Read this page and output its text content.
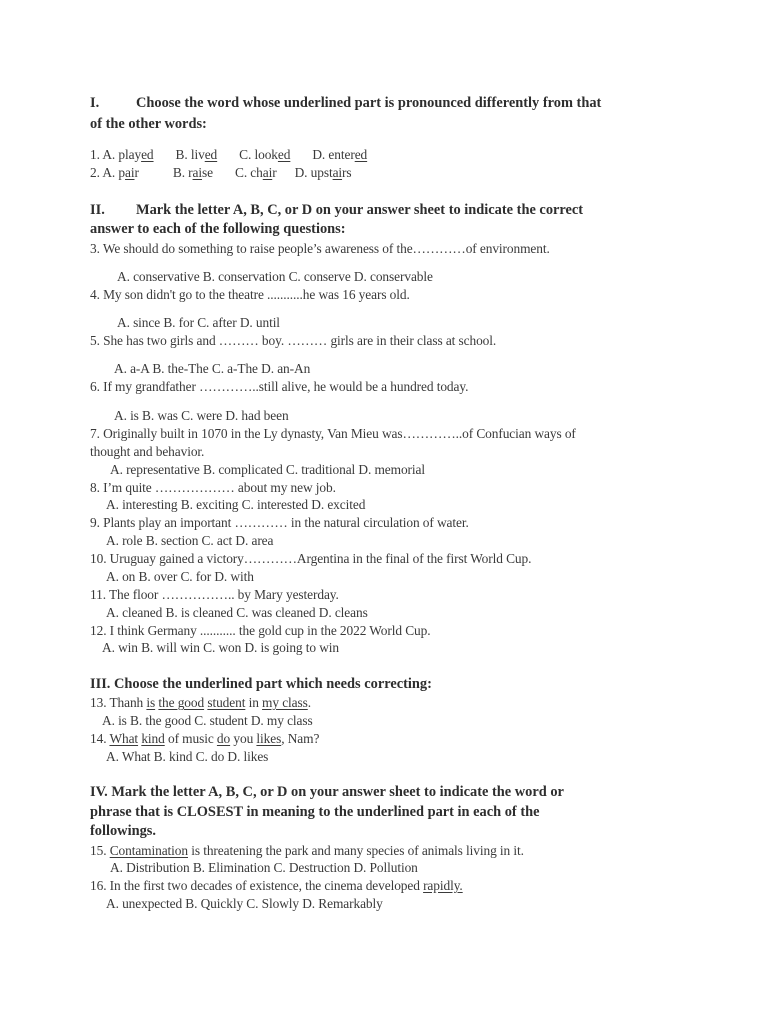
I.	Choose the word whose underlined part is pronounced differently from that
of the other words:
1. A. played B. lived C. looked D. entered
2. A. pair	B. raise C. chair D. upstairs
II. Mark the letter A, B, C, or D on your answer sheet to indicate the correct
answer to each of the following questions:
3. We should do something to raise people’s awareness of the…………of environment.
A. conservative B. conservation C. conserve D. conservable
4. My son didn't go to the theatre ...........he was 16 years old.
A. since B. for C. after D. until
5. She has two girls and ……… boy. ……… girls are in their class at school.
A. a-A B. the-The C. a-The D. an-An
6. If my grandfather …………..still alive, he would be a hundred today.
A. is B. was C. were D. had been
7. Originally built in 1070 in the Ly dynasty, Van Mieu was…………..of Confucian ways of
thought and behavior.
A. representative B. complicated C. traditional D. memorial
8. I’m quite ……………… about my new job.
A. interesting B. exciting C. interested D. excited
9. Plants play an important ………… in the natural circulation of water.
A. role B. section C. act D. area
10. Uruguay gained a victory…………Argentina in the final of the first World Cup.
A. on B. over C. for D. with
11. The floor …………….. by Mary yesterday.
A. cleaned B. is cleaned C. was cleaned D. cleans
12. I think Germany ........... the gold cup in the 2022 World Cup.
A. win B. will win C. won D. is going to win
III. Choose the underlined part which needs correcting:
13. Thanh is the good student in my class.
A. is B. the good C. student D. my class
14. What kind of music do you likes, Nam?
A. What B. kind C. do D. likes
IV. Mark the letter A, B, C, or D on your answer sheet to indicate the word or
phrase that is CLOSEST in meaning to the underlined part in each of the
followings.
15. Contamination is threatening the park and many species of animals living in it.
A. Distribution B. Elimination C. Destruction D. Pollution
16. In the first two decades of existence, the cinema developed rapidly.
A. unexpected B. Quickly C. Slowly D. Remarkably
